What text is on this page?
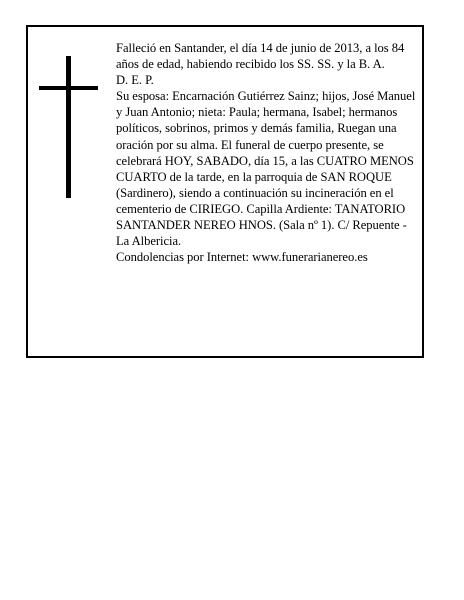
Falleció en Santander, el día 14 de junio de 2013, a los 84 años de edad, habiendo recibido los SS. SS. y la B. A.

D. E. P.

Su esposa: Encarnación Gutiérrez Sainz; hijos, José Manuel y Juan Antonio; nieta: Paula; hermana, Isabel; hermanos políticos, sobrinos, primos y demás familia, Ruegan una oración por su alma. El funeral de cuerpo presente, se celebrará HOY, SABADO, día 15, a las CUATRO MENOS CUARTO de la tarde, en la parroquia de SAN ROQUE (Sardinero), siendo a continuación su incineración en el cementerio de CIRIEGO. Capilla Ardiente: TANATORIO SANTANDER NEREO HNOS. (Sala nº 1). C/ Repuente - La Albericia.

Condolencias por Internet: www.funerarianereo.es
